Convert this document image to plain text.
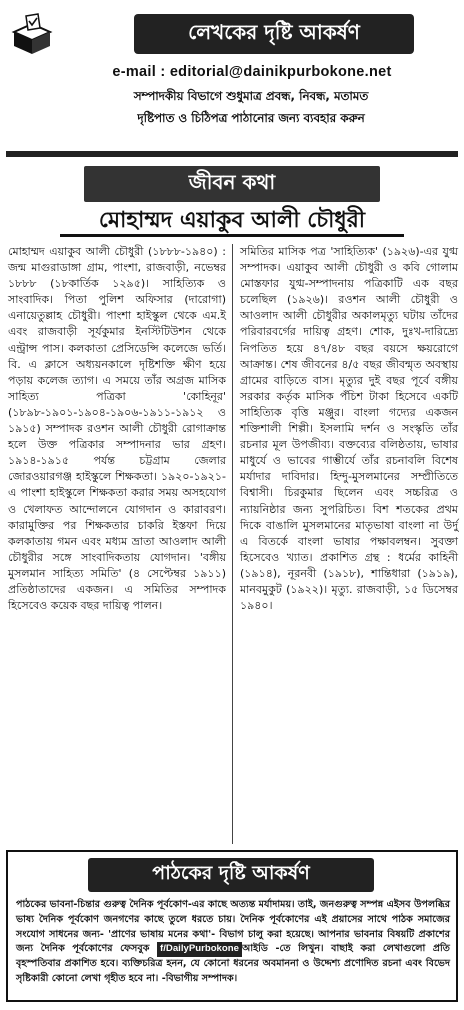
লেখকের দৃষ্টি আকর্ষণ
e-mail : editorial@dainikpurbokone.net
সম্পাদকীয় বিভাগে শুধুমাত্র প্রবন্ধ, নিবন্ধ, মতামত
দৃষ্টিপাত ও চিঠিপত্র পাঠানোর জন্য ব্যবহার করুন
জীবন কথা
মোহাম্মদ এয়াকুব আলী চৌধুরী
মোহাম্মদ এয়াকুব আলী চৌধুরী (১৮৮৮-১৯৪০) : জন্ম মাগুরাডাঙ্গা গ্রাম, পাংশা, রাজবাড়ী, নভেম্বর ১৮৮৮ (১৮কার্তিক ১২৯৫)। সাহিত্যিক ও সাংবাদিক। পিতা পুলিশ অফিসার (দারোগা) এনায়েতুল্লাহ চৌধুরী। পাংশা হাইস্কুল থেকে এম.ই এবং রাজবাড়ী সূর্যকুমার ইনস্টিটিউশন থেকে এন্ট্রান্স পাস। কলকাতা প্রেসিডেন্সি কলেজে ভর্তি। বি. এ ক্লাসে অধ্যয়নকালে দৃষ্টিশক্তি ক্ষীণ হয়ে পড়ায় কলেজ ত্যাগ। এ সময়ে তাঁর অগ্রজ মাসিক সাহিত্য পত্রিকা 'কোহিনূর' (১৮৯৮-১৯০১-১৯০৪-১৯০৬-১৯১১-১৯১২ ও ১৯১৫) সম্পাদক রওশন আলী চৌধুরী রোগাক্রান্ত হলে উক্ত পত্রিকার সম্পাদনার ভার গ্রহণ। ১৯১৪-১৯১৫ পর্যন্ত চট্টগ্রাম জেলার জোরওয়ারগঞ্জ হাইস্কুলে শিক্ষকতা। ১৯২০-১৯২১-এ পাংশা হাইস্কুলে শিক্ষকতা করার সময় অসহযোগ ও খেলাফত আন্দোলনে যোগদান ও কারাবরণ। কারামুক্তির পর শিক্ষকতার চাকরি ইস্তফা দিয়ে কলকাতায় গমন এবং মধ্যম ভ্রাতা আওলাদ আলী চৌধুরীর সঙ্গে সাংবাদিকতায় যোগদান। 'বঙ্গীয় মুসলমান সাহিত্য সমিতি' (৪ সেপ্টেম্বর ১৯১১) প্রতিষ্ঠাতাদের একজন। এ সমিতির সম্পাদক হিসেবেও কয়েক বছর দায়িত্ব পালন।
সমিতির মাসিক পত্র 'সাহিত্যিক' (১৯২৬)-এর যুগ্ম সম্পাদক। এয়াকুব আলী চৌধুরী ও কবি গোলাম মোস্তফার যুগ্ম-সম্পাদনায় পত্রিকাটি এক বছর চলেছিল (১৯২৬)। রওশন আলী চৌধুরী ও আওলাদ আলী চৌধুরীর অকালমৃত্যু ঘটায় তাঁদের পরিবারবর্গের দায়িত্ব গ্রহণ। শোক, দুঃখ-দারিদ্র্যে নিপতিত হয়ে ৪৭/৪৮ বছর বয়সে ক্ষয়রোগে আক্রান্ত। শেষ জীবনের ৪/৫ বছর জীবন্মৃত অবস্থায় গ্রামের বাড়িতে বাস। মৃত্যুর দুই বছর পূর্বে বঙ্গীয় সরকার কর্তৃক মাসিক পঁচিশ টাকা হিসেবে একটি সাহিত্যিক বৃত্তি মঞ্জুর। বাংলা গদ্যের একজন শক্তিশালী শিল্পী। ইসলামি দর্শন ও সংস্কৃতি তাঁর রচনার মূল উপজীব্য। বক্তব্যের বলিষ্ঠতায়, ভাষার মাধুর্যে ও ভাবের গাম্ভীর্যে তাঁর রচনাবলি বিশেষ মর্যাদার দাবিদার। হিন্দু-মুসলমানের সম্প্রীতিতে বিশ্বাসী। চিরকুমার ছিলেন এবং সচ্চরিত্র ও ন্যায়নিষ্ঠার জন্য সুপরিচিত। বিশ শতকের প্রথম দিকে বাঙালি মুসলমানের মাতৃভাষা বাংলা না উর্দু এ বিতর্কে বাংলা ভাষার পক্ষাবলম্বন। সুবক্তা হিসেবেও খ্যাত। প্রকাশিত গ্রন্থ : ধর্মের কাহিনী (১৯১৪), নূরনবী (১৯১৮), শান্তিধারা (১৯১৯), মানবমুকুট (১৯২২)। মৃত্যু. রাজবাড়ী, ১৫ ডিসেম্বর ১৯৪০।
পাঠকের দৃষ্টি আকর্ষণ
পাঠকের ভাবনা-চিন্তার গুরুত্ব দৈনিক পূর্বকোণ-এর কাছে অত্যন্ত মর্যাদাময়। তাই, জনগুরুত্ব সম্পন্ন এইসব উপলব্ধির ভাষ্য দৈনিক পূর্বকোণ জনগণের কাছে তুলে ধরতে চায়। দৈনিক পূর্বকোণের এই প্রয়াসের সাথে পাঠক সমাজের সংযোগ সাধনের জন্য- 'প্রাণের ভাষায় মনের কথা'- বিভাগ চালু করা হয়েছে। আপনার ভাবনার বিষয়টি প্রকাশের জন্য দৈনিক পূর্বকোণের ফেসবুক f/DailyPurbokone আইডি -তে লিখুন। বাছাই করা লেখাগুলো প্রতি বৃহস্পতিবার প্রকাশিত হবে। ব্যক্তিচরিত্র হনন, যে কোনো ধরনের অবমাননা ও উদ্দেশ্য প্রণোদিত রচনা এবং বিভেদ সৃষ্টিকারী কোনো লেখা গৃহীত হবে না। -বিভাগীয় সম্পাদক।
